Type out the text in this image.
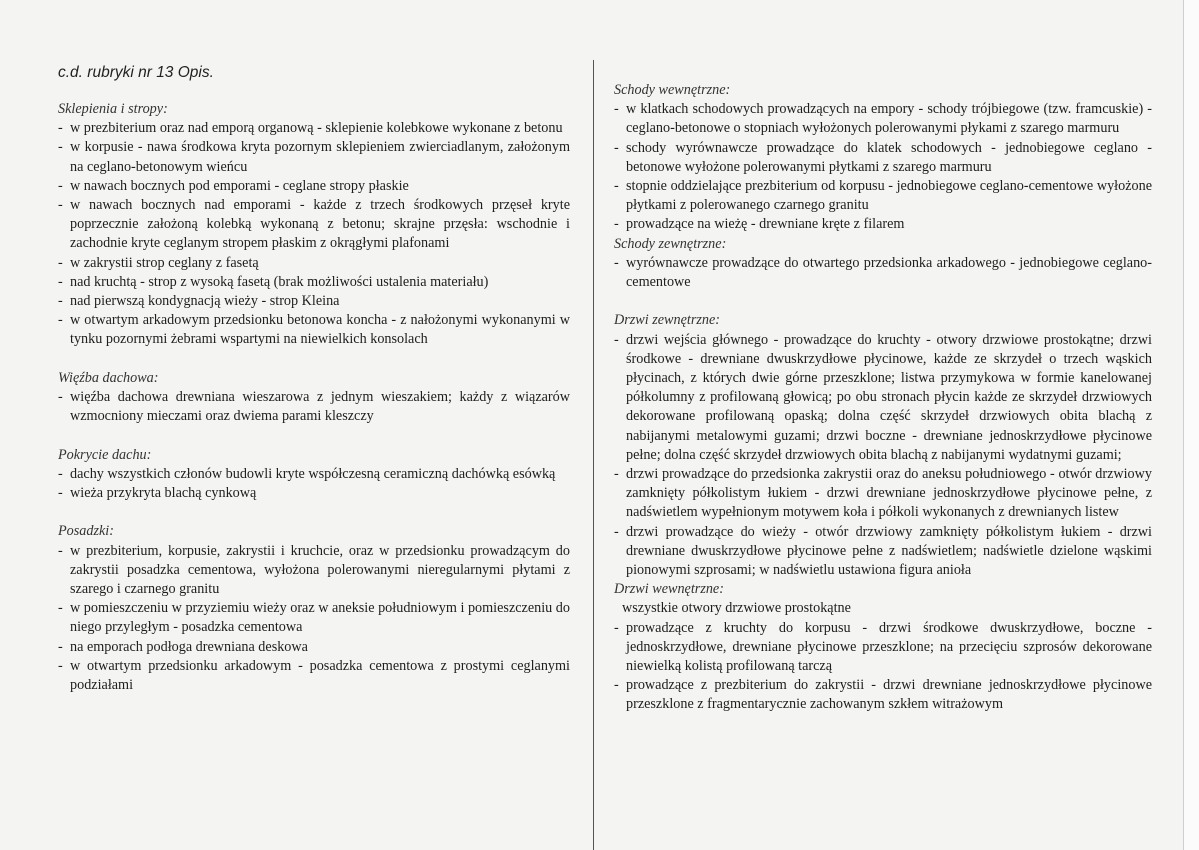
c.d. rubryki nr 13 Opis.
Sklepienia i stropy:
- w prezbiterium oraz nad emporą organową - sklepienie kolebkowe wykonane z betonu
- w korpusie - nawa środkowa kryta pozornym sklepieniem zwierciadlanym, założonym na ceglano-betonowym wieńcu
- w nawach bocznych pod emporami - ceglane stropy płaskie
- w nawach bocznych nad emporami - każde z trzech środkowych przęseł kryte poprzecznie założoną kolebką wykonaną z betonu; skrajne przęsła: wschodnie i zachodnie kryte ceglanym stropem płaskim z okrągłymi plafonami
- w zakrystii strop ceglany z fasetą
- nad kruchtą - strop z wysoką fasetą (brak możliwości ustalenia materiału)
- nad pierwszą kondygnacją wieży - strop Kleina
- w otwartym arkadowym przedsionku betonowa koncha - z nałożonymi wykonanymi w tynku pozornymi żebrami wspartymi na niewielkich konsolach
Więźba dachowa:
- więźba dachowa drewniana wieszarowa z jednym wieszakiem; każdy z wiązarów wzmocniony mieczami oraz dwiema parami kleszczy
Pokrycie dachu:
- dachy wszystkich członów budowli kryte współczesną ceramiczną dachówką esówką
- wieża przykryta blachą cynkową
Posadzki:
- w prezbiterium, korpusie, zakrystii i kruchcie, oraz w przedsionku prowadzącym do zakrystii posadzka cementowa, wyłożona polerowanymi nieregularnymi płytami z szarego i czarnego granitu
- w pomieszczeniu w przyziemiu wieży oraz w aneksie południowym i pomieszczeniu do niego przyległym - posadzka cementowa
- na emporach podłoga drewniana deskowa
- w otwartym przedsionku arkadowym - posadzka cementowa z prostymi ceglanymi podziałami
Schody wewnętrzne:
- w klatkach schodowych prowadzących na empory - schody trójbiegowe (tzw. framcuskie) - ceglano-betonowe o stopniach wyłożonych polerowanymi płykami z szarego marmuru
- schody wyrównawcze prowadzące do klatek schodowych - jednobiegowe ceglano - betonowe wyłożone polerowanymi płytkami z szarego marmuru
- stopnie oddzielające prezbiterium od korpusu - jednobiegowe ceglano-cementowe wyłożone płytkami z polerowanego czarnego granitu
- prowadzące na wieżę - drewniane kręte z filarem
Schody zewnętrzne:
- wyrównawcze prowadzące do otwartego przedsionka arkadowego - jednobiegowe ceglano-cementowe
Drzwi zewnętrzne:
- drzwi wejścia głównego - prowadzące do kruchty - otwory drzwiowe prostokątne; drzwi środkowe - drewniane dwuskrzydłowe płycinowe, każde ze skrzydeł o trzech wąskich płycinach, z których dwie górne przeszklone; listwa przymykowa w formie kanelowanej półkolumny z profilowaną głowicą; po obu stronach płycin każde ze skrzydeł drzwiowych dekorowane profilowaną opaską; dolna część skrzydeł drzwiowych obita blachą z nabijanymi metalowymi guzami; drzwi boczne - drewniane jednoskrzydłowe płycinowe pełne; dolna część skrzydeł drzwiowych obita blachą z nabijanymi wydatnymi guzami;
- drzwi prowadzące do przedsionka zakrystii oraz do aneksu południowego - otwór drzwiowy zamknięty półkolistym łukiem - drzwi drewniane jednoskrzydłowe płycinowe pełne, z nadświetlem wypełnionym motywem koła i półkoli wykonanych z drewnianych listew
- drzwi prowadzące do wieży - otwór drzwiowy zamknięty półkolistym łukiem - drzwi drewniane dwuskrzydłowe płycinowe pełne z nadświetlem; nadświetle dzielone wąskimi pionowymi szprosami; w nadświetlu ustawiona figura anioła
Drzwi wewnętrzne:
wszystkie otwory drzwiowe prostokątne
- prowadzące z kruchty do korpusu - drzwi środkowe dwuskrzydłowe, boczne - jednoskrzydłowe, drewniane płycinowe przeszklone; na przecięciu szprosów dekorowane niewielką kolistą profilowaną tarczą
- prowadzące z prezbiterium do zakrystii - drzwi drewniane jednoskrzydłowe płycinowe przeszklone z fragmentarycznie zachowanym szkłem witrażowym
